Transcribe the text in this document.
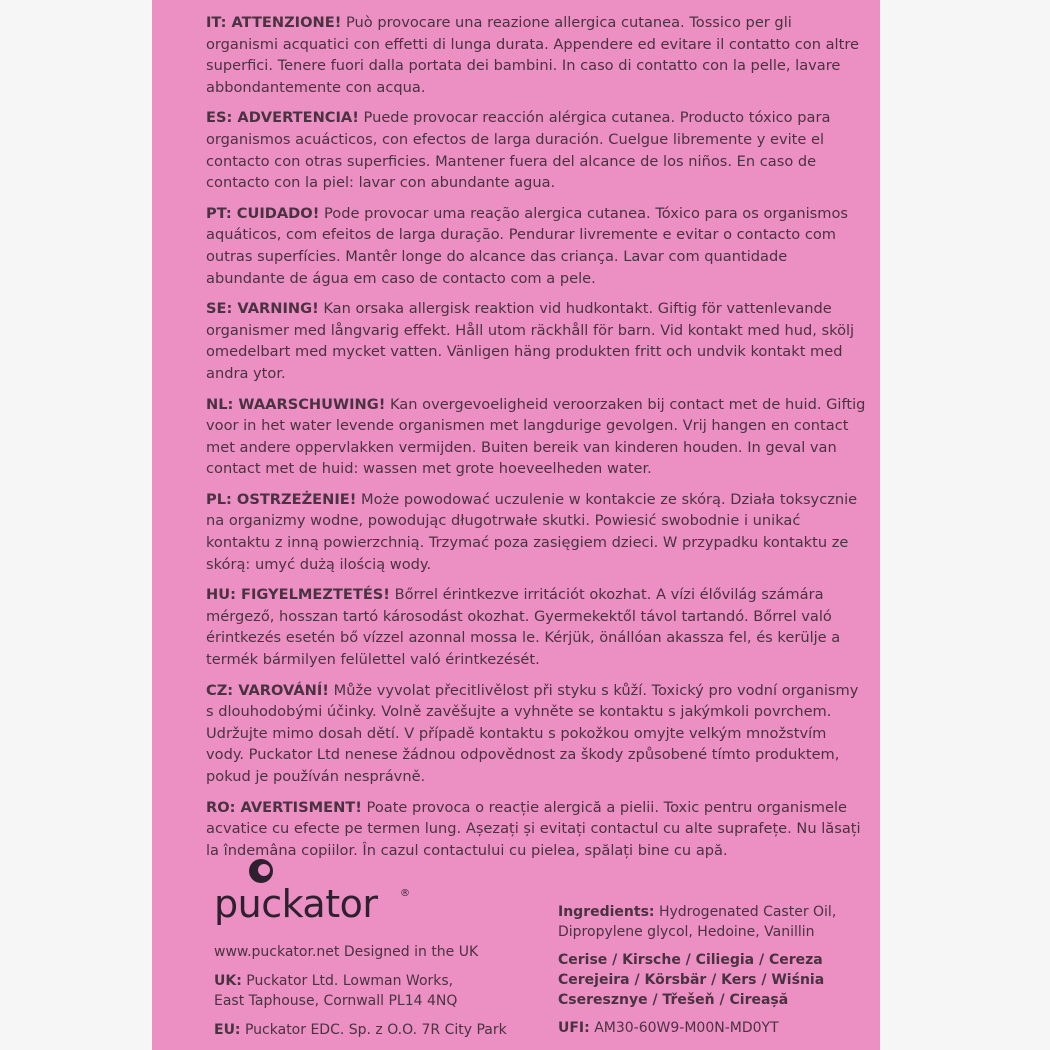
IT: ATTENZIONE! Può provocare una reazione allergica cutanea. Tossico per gli organismi acquatici con effetti di lunga durata. Appendere ed evitare il contatto con altre superfici. Tenere fuori dalla portata dei bambini. In caso di contatto con la pelle, lavare abbondantemente con acqua.

ES: ADVERTENCIA! Puede provocar reacción alérgica cutanea. Producto tóxico para organismos acuácticos, con efectos de larga duración. Cuelgue libremente y evite el contacto con otras superficies. Mantener fuera del alcance de los niños. En caso de contacto con la piel: lavar con abundante agua.

PT: CUIDADO! Pode provocar uma reação alergica cutanea. Tóxico para os organismos aquáticos, com efeitos de larga duração. Pendurar livremente e evitar o contacto com outras superfícies. Mantêr longe do alcance das criança. Lavar com quantidade abundante de água em caso de contacto com a pele.

SE: VARNING! Kan orsaka allergisk reaktion vid hudkontakt. Giftig för vattenlevande organismer med långvarig effekt. Håll utom räckhåll för barn. Vid kontakt med hud, skölj omedelbart med mycket vatten. Vänligen häng produkten fritt och undvik kontakt med andra ytor.

NL: WAARSCHUWING! Kan overgevoeligheid veroorzaken bij contact met de huid. Giftig voor in het water levende organismen met langdurige gevolgen. Vrij hangen en contact met andere oppervlakken vermijden. Buiten bereik van kinderen houden. In geval van contact met de huid: wassen met grote hoeveelheden water.

PL: OSTRZEŻENIE! Może powodować uczulenie w kontakcie ze skórą. Działa toksycznie na organizmy wodne, powodując długotrwałe skutki. Powiesić swobodnie i unikać kontaktu z inną powierzchnią. Trzymać poza zasięgiem dzieci. W przypadku kontaktu ze skórą: umyć dużą ilością wody.

HU: FIGYELMEZTETÉS! Bőrrel érintkezve irritációt okozhat. A vízi élővilág számára mérgező, hosszan tartó károsodást okozhat. Gyermekektől távol tartandó. Bőrrel való érintkezés esetén bő vízzel azonnal mossa le. Kérjük, önállóan akassza fel, és kerülje a termék bármilyen felülettel való érintkezését.

CZ: VAROVÁNÍ! Může vyvolat přecitlivělost při styku s kůží. Toxický pro vodní organismy s dlouhodobými účinky. Volně zavěšujte a vyhněte se kontaktu s jakýmkoli povrchem. Udržujte mimo dosah dětí. V případě kontaktu s pokožkou omyjte velkým množstvím vody. Puckator Ltd nenese žádnou odpovědnost za škody způsobené tímto produktem, pokud je používán nesprávně.

RO: AVERTISMENT! Poate provoca o reacție alergică a pielii. Toxic pentru organismele acvatice cu efecte pe termen lung. Așezați și evitați contactul cu alte suprafețe. Nu lăsați la îndemâna copiilor. În cazul contactului cu pielea, spălați bine cu apă.

puckator ®

www.puckator.net Designed in the UK

UK: Puckator Ltd. Lowman Works,
East Taphouse, Cornwall PL14 4NQ

EU: Puckator EDC. Sp. z O.O. 7R City Park

Ingredients: Hydrogenated Caster Oil, Dipropylene glycol, Hedoine, Vanillin

Cerise / Kirsche / Ciliegia / Cereza Cerejeira / Körsbär / Kers / Wiśnia Cseresznye / Třešeň / Cireașă

UFI: AM30-60W9-M00N-MD0YT
